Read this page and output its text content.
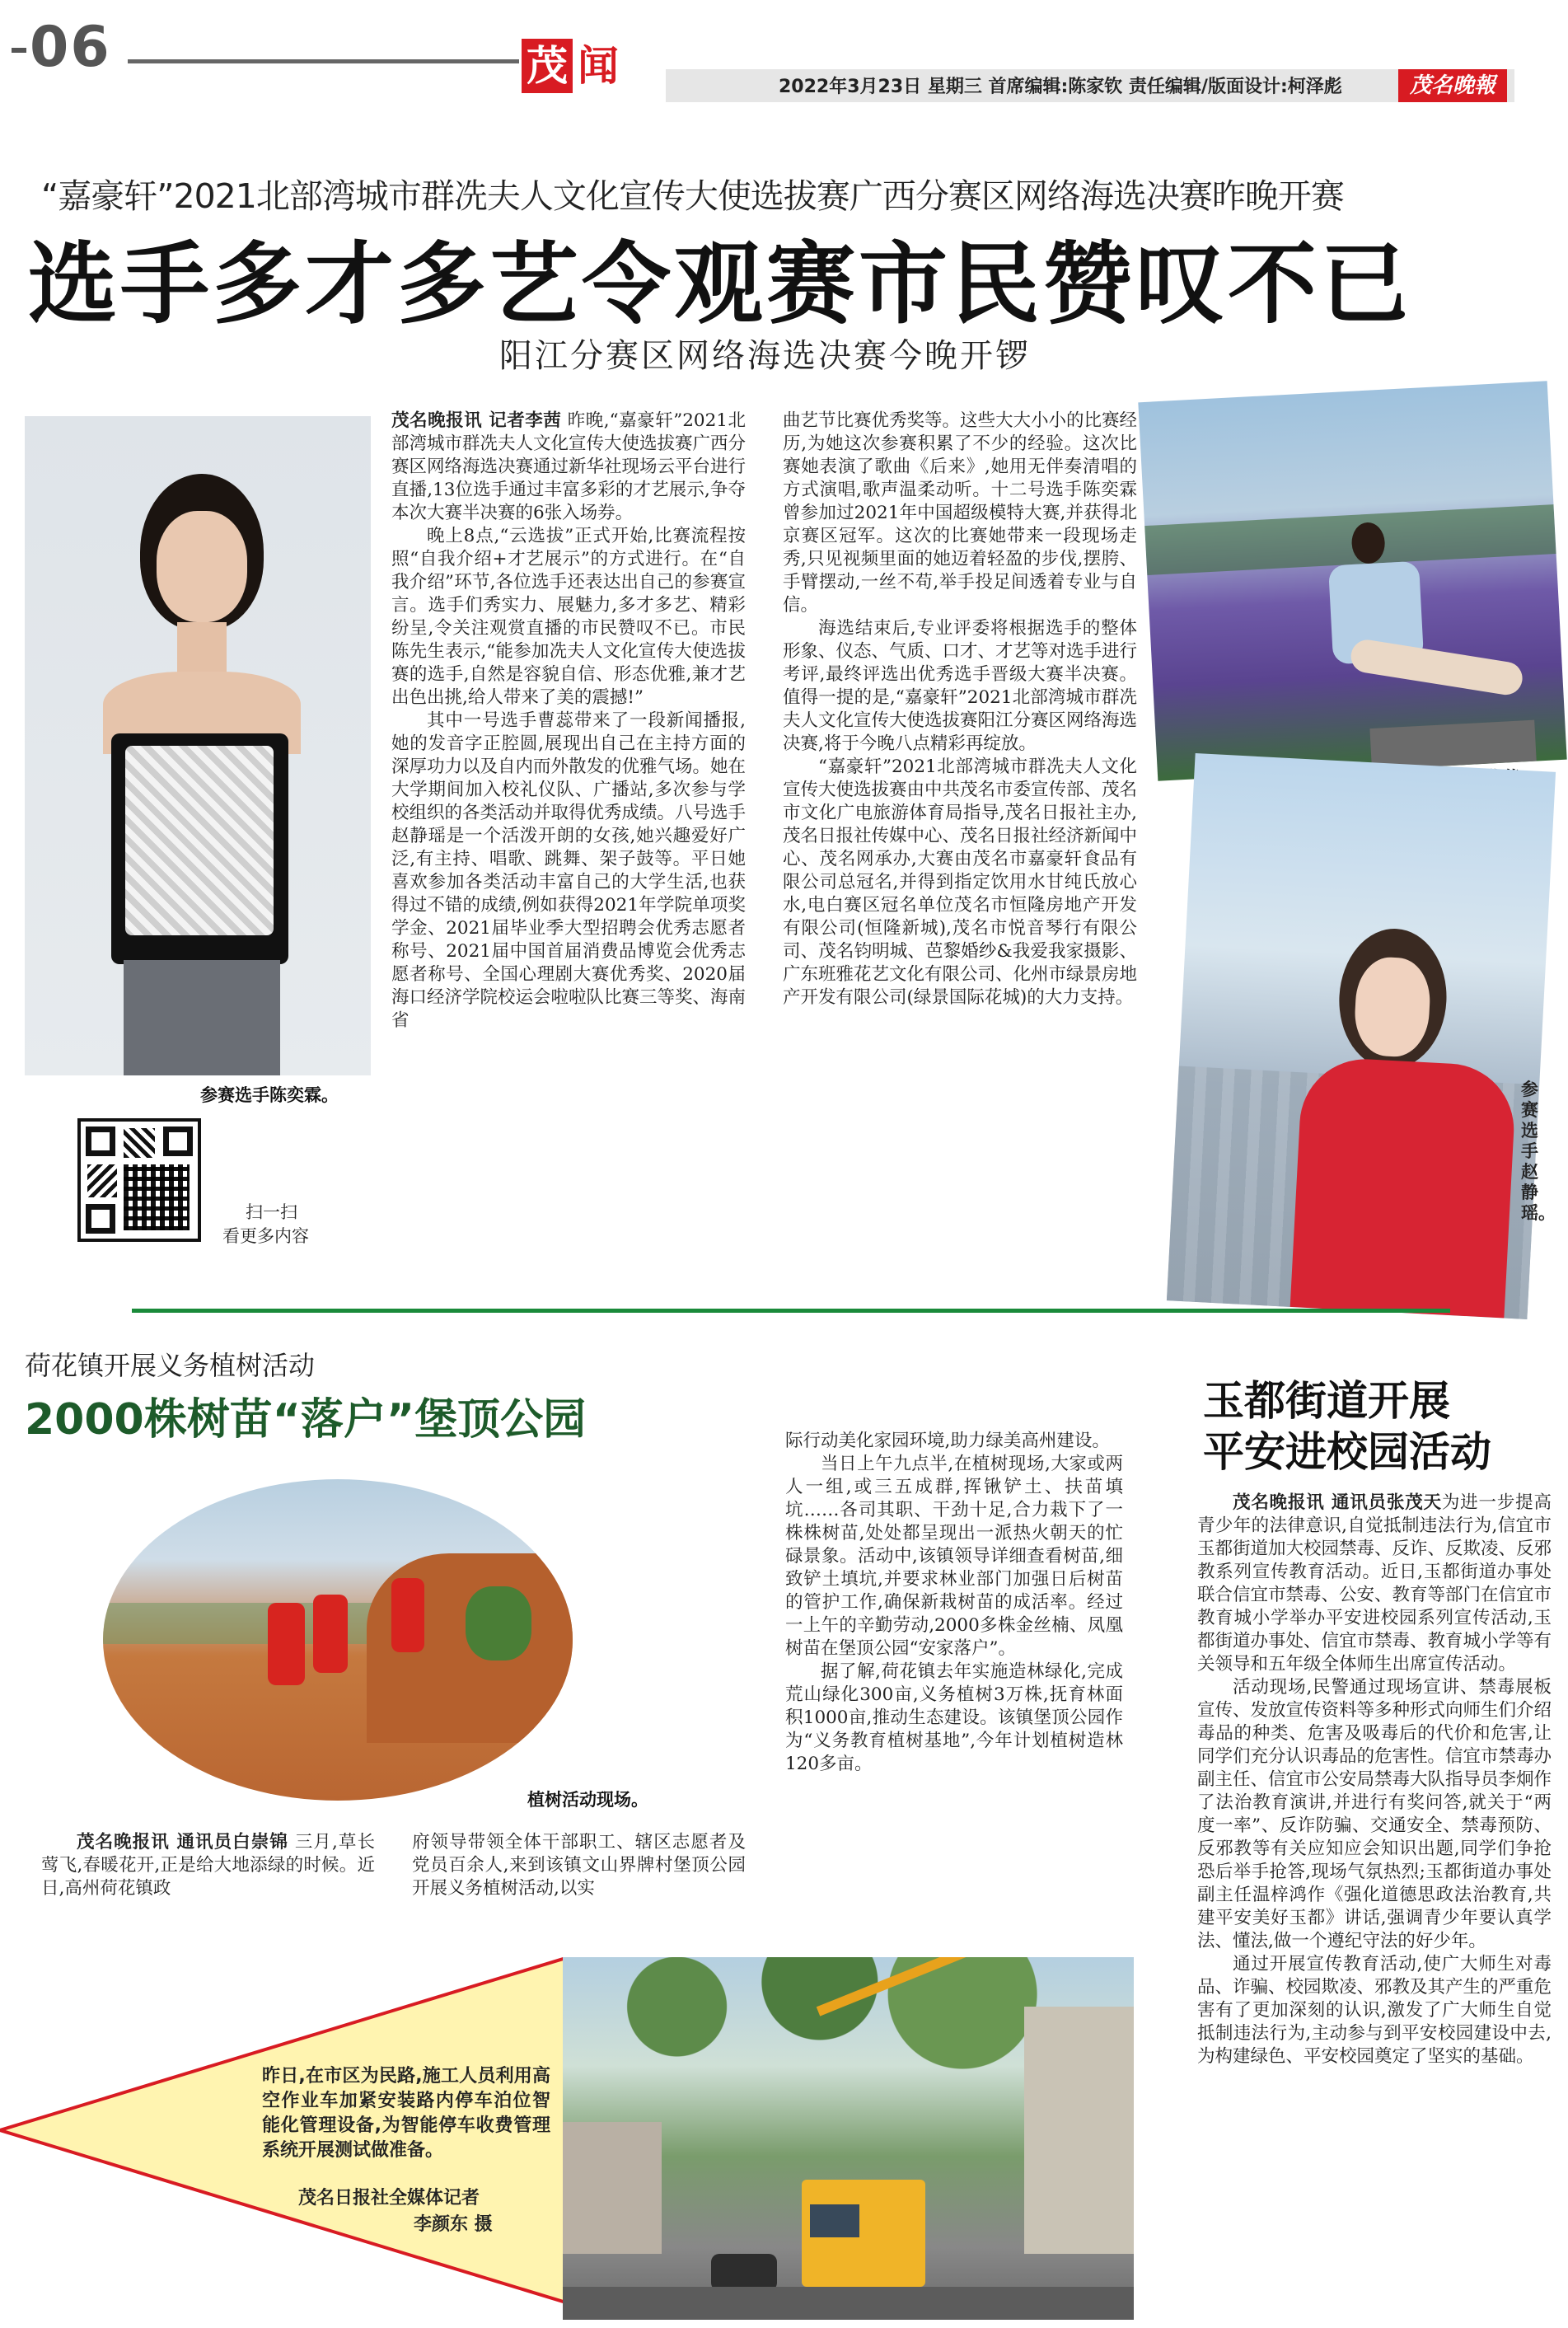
06	茂 闻	2022年3月23日 星期三 首席编辑:陈家钦 责任编辑/版面设计:柯泽彪	茂名晚報
“嘉豪轩”2021北部湾城市群冼夫人文化宣传大使选拔赛广西分赛区网络海选决赛昨晚开赛
选手多才多艺令观赛市民赞叹不已
阳江分赛区网络海选决赛今晚开锣
参赛选手陈奕霖。
扫一扫
看更多内容

茂名晚报讯 记者李茜 昨晚,“嘉豪轩”2021北部湾城市群冼夫人文化宣传大使选拔赛广西分赛区网络海选决赛通过新华社现场云平台进行直播,13位选手通过丰富多彩的才艺展示,争夺本次大赛半决赛的6张入场券。

晚上8点,“云选拔”正式开始,比赛流程按照“自我介绍+才艺展示”的方式进行。在“自我介绍”环节,各位选手还表达出自己的参赛宣言。选手们秀实力、展魅力,多才多艺、精彩纷呈,令关注观赏直播的市民赞叹不已。市民陈先生表示,“能参加冼夫人文化宣传大使选拔赛的选手,自然是容貌自信、形态优雅,兼才艺出色出挑,给人带来了美的震撼!”

其中一号选手曹蕊带来了一段新闻播报,她的发音字正腔圆,展现出自己在主持方面的深厚功力以及自内而外散发的优雅气场。她在大学期间加入校礼仪队、广播站,多次参与学校组织的各类活动并取得优秀成绩。八号选手赵静瑶是一个活泼开朗的女孩,她兴趣爱好广泛,有主持、唱歌、跳舞、架子鼓等。平日她喜欢参加各类活动丰富自己的大学生活,也获得过不错的成绩,例如获得2021年学院单项奖学金、2021届毕业季大型招聘会优秀志愿者称号、2021届中国首届消费品博览会优秀志愿者称号、全国心理剧大赛优秀奖、2020届海口经济学院校运会啦啦队比赛三等奖、海南省

曲艺节比赛优秀奖等。这些大大小小的比赛经历,为她这次参赛积累了不少的经验。这次比赛她表演了歌曲《后来》,她用无伴奏清唱的方式演唱,歌声温柔动听。十二号选手陈奕霖曾参加过2021年中国超级模特大赛,并获得北京赛区冠军。这次的比赛她带来一段现场走秀,只见视频里面的她迈着轻盈的步伐,摆胯、手臂摆动,一丝不苟,举手投足间透着专业与自信。

海选结束后,专业评委将根据选手的整体形象、仪态、气质、口才、才艺等对选手进行考评,最终评选出优秀选手晋级大赛半决赛。值得一提的是,“嘉豪轩”2021北部湾城市群冼夫人文化宣传大使选拔赛阳江分赛区网络海选决赛,将于今晚八点精彩再绽放。

“嘉豪轩”2021北部湾城市群冼夫人文化宣传大使选拔赛由中共茂名市委宣传部、茂名市文化广电旅游体育局指导,茂名日报社主办,茂名日报社传媒中心、茂名日报社经济新闻中心、茂名网承办,大赛由茂名市嘉豪轩食品有限公司总冠名,并得到指定饮用水甘纯氏放心水,电白赛区冠名单位茂名市恒隆房地产开发有限公司(恒隆新城),茂名市悦音琴行有限公司、茂名钧明城、芭黎婚纱&我爱我家摄影、广东班雅花艺文化有限公司、化州市绿景房地产开发有限公司(绿景国际花城)的大力支持。

参赛选手赵静瑶。
荷花镇开展义务植树活动
2000株树苗“落户”堡顶公园
植树活动现场。

茂名晚报讯 通讯员白崇锦 三月,草长莺飞,春暖花开,正是给大地添绿的时候。近日,高州荷花镇政

府领导带领全体干部职工、辖区志愿者及党员百余人,来到该镇文山界牌村堡顶公园开展义务植树活动,以实

际行动美化家园环境,助力绿美高州建设。

当日上午九点半,在植树现场,大家或两人一组,或三五成群,挥锹铲土、扶苗填坑……各司其职、干劲十足,合力栽下了一株株树苗,处处都呈现出一派热火朝天的忙碌景象。活动中,该镇领导详细查看树苗,细致铲土填坑,并要求林业部门加强日后树苗的管护工作,确保新栽树苗的成活率。经过一上午的辛勤劳动,2000多株金丝楠、凤凰树苗在堡顶公园“安家落户”。

据了解,荷花镇去年实施造林绿化,完成荒山绿化300亩,义务植树3万株,抚育林面积1000亩,推动生态建设。该镇堡顶公园作为“义务教育植树基地”,今年计划植树造林120多亩。

玉都街道开展
平安进校园活动

茂名晚报讯 通讯员张茂天为进一步提高青少年的法律意识,自觉抵制违法行为,信宜市玉都街道加大校园禁毒、反诈、反欺凌、反邪教系列宣传教育活动。近日,玉都街道办事处联合信宜市禁毒、公安、教育等部门在信宜市教育城小学举办平安进校园系列宣传活动,玉都街道办事处、信宜市禁毒、教育城小学等有关领导和五年级全体师生出席宣传活动。

活动现场,民警通过现场宣讲、禁毒展板宣传、发放宣传资料等多种形式向师生们介绍毒品的种类、危害及吸毒后的代价和危害,让同学们充分认识毒品的危害性。信宜市禁毒办副主任、信宜市公安局禁毒大队指导员李炯作了法治教育演讲,并进行有奖问答,就关于“两度一率”、反诈防骗、交通安全、禁毒预防、反邪教等有关应知应会知识出题,同学们争抢恐后举手抢答,现场气氛热烈;玉都街道办事处副主任温梓鸿作《强化道德思政法治教育,共建平安美好玉都》讲话,强调青少年要认真学法、懂法,做一个遵纪守法的好少年。

通过开展宣传教育活动,使广大师生对毒品、诈骗、校园欺凌、邪教及其产生的严重危害有了更加深刻的认识,激发了广大师生自觉抵制违法行为,主动参与到平安校园建设中去,为构建绿色、平安校园奠定了坚实的基础。

昨日,在市区为民路,施工人员利用高空作业车加紧安装路内停车泊位智能化管理设备,为智能停车收费管理系统开展测试做准备。
茂名日报社全媒体记者
李颜东 摄
